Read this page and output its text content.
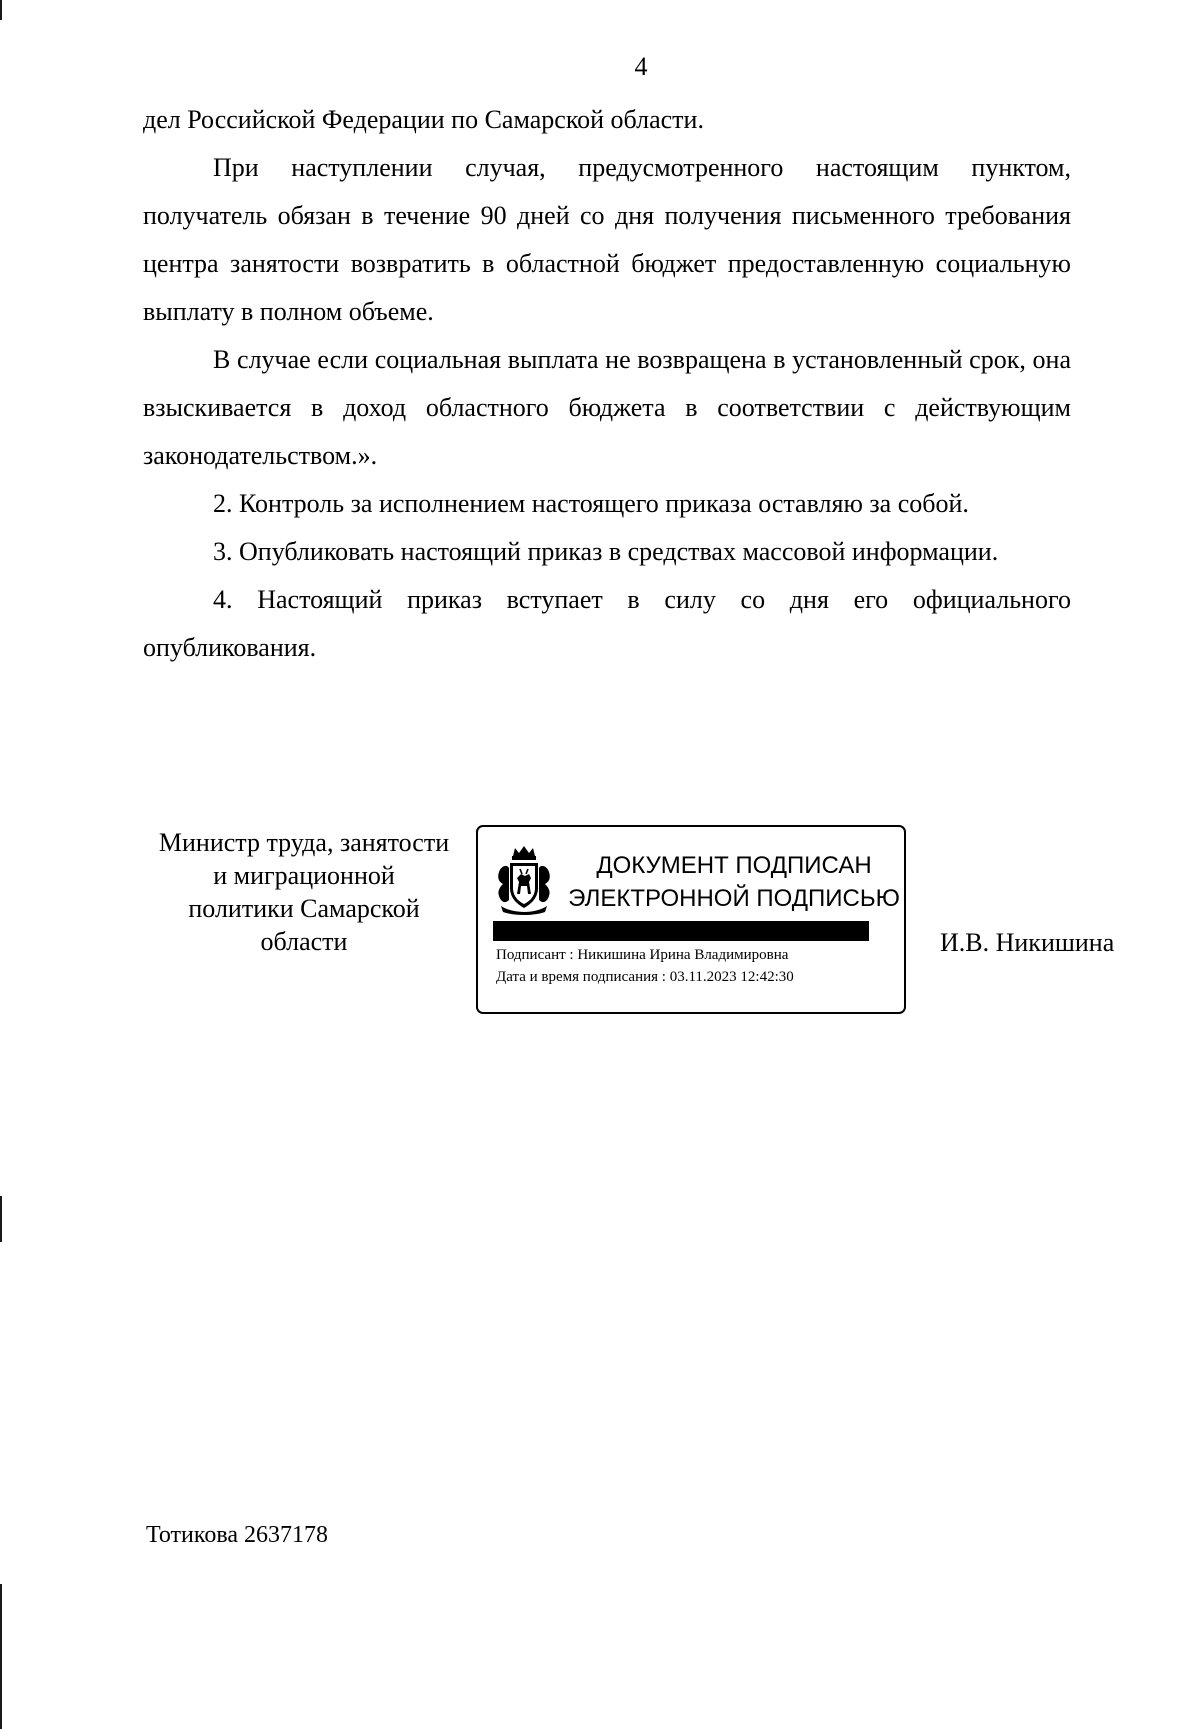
4

дел Российской Федерации по Самарской области.

При наступлении случая, предусмотренного настоящим пунктом, получатель обязан в течение 90 дней со дня получения письменного требования центра занятости возвратить в областной бюджет предоставленную социальную выплату в полном объеме.

В случае если социальная выплата не возвращена в установленный срок, она взыскивается в доход областного бюджета в соответствии с действующим законодательством.».

2. Контроль за исполнением настоящего приказа оставляю за собой.

3. Опубликовать настоящий приказ в средствах массовой информации.

4. Настоящий приказ вступает в силу со дня его официального опубликования.

Министр труда, занятости
и миграционной
политики Самарской
области
ДОКУМЕНТ ПОДПИСАН
ЭЛЕКТРОННОЙ ПОДПИСЬЮ
Подписант : Никишина Ирина Владимировна
Дата и время подписания : 03.11.2023 12:42:30
И.В. Никишина
Тотикова 2637178
